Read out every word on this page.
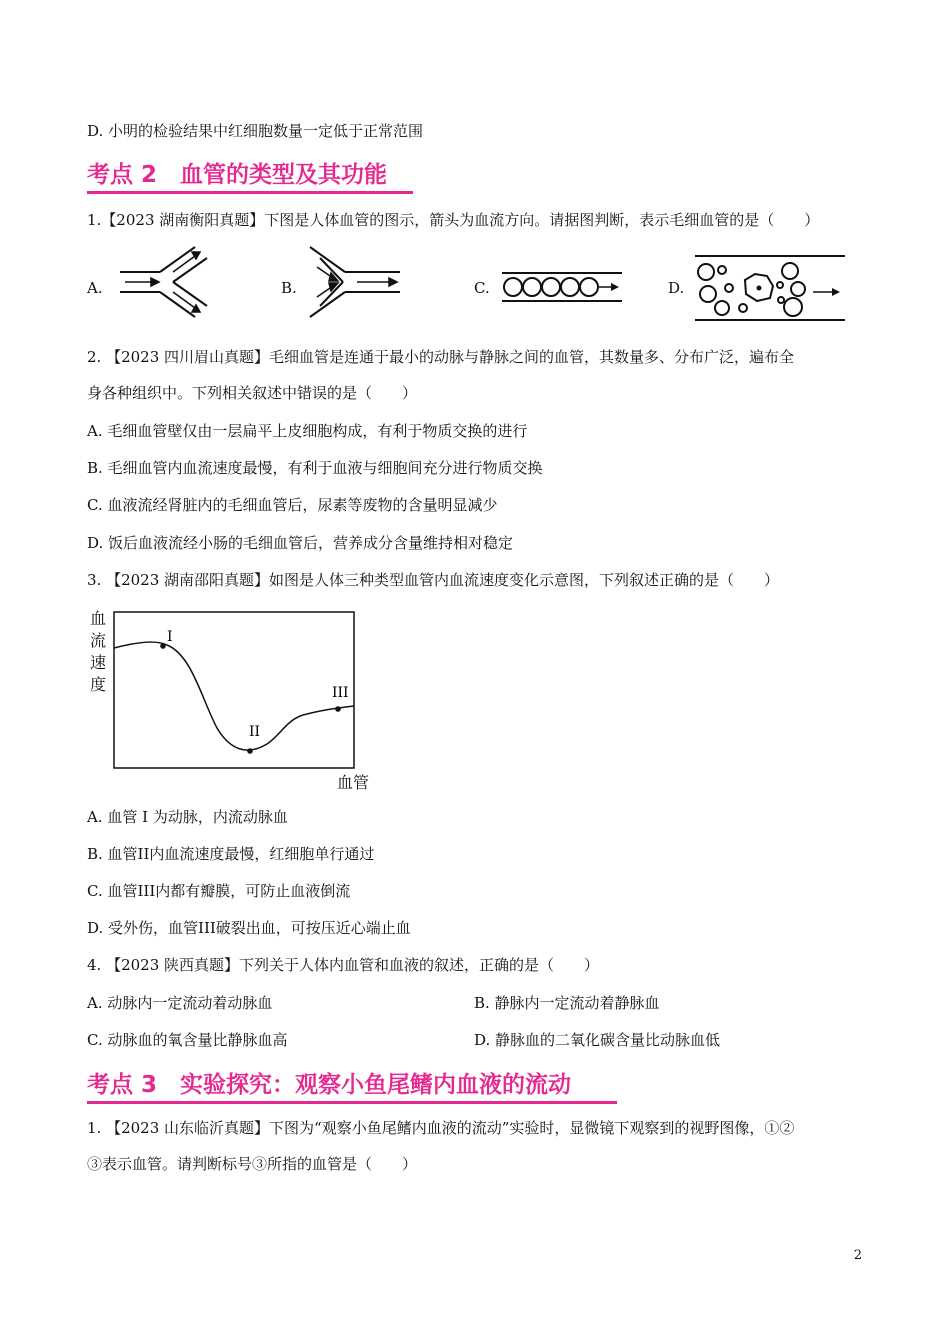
D. 小明的检验结果中红细胞数量一定低于正常范围
考点 2　血管的类型及其功能
1.【2023 湖南衡阳真题】下图是人体血管的图示，箭头为血流方向。请据图判断，表示毛细血管的是（　　）
A.	B.	C.	D.
2. 【2023 四川眉山真题】毛细血管是连通于最小的动脉与静脉之间的血管，其数量多、分布广泛，遍布全
身各种组织中。下列相关叙述中错误的是（　　）
A. 毛细血管壁仅由一层扁平上皮细胞构成，有利于物质交换的进行
B. 毛细血管内血流速度最慢，有利于血液与细胞间充分进行物质交换
C. 血液流经肾脏内的毛细血管后，尿素等废物的含量明显减少
D. 饭后血液流经小肠的毛细血管后，营养成分含量维持相对稳定
3. 【2023 湖南邵阳真题】如图是人体三种类型血管内血流速度变化示意图，下列叙述正确的是（　　）
血
流
速
度
I
II
III
血管
A. 血管 I 为动脉，内流动脉血
B. 血管II内血流速度最慢，红细胞单行通过
C. 血管III内都有瓣膜，可防止血液倒流
D. 受外伤，血管III破裂出血，可按压近心端止血
4. 【2023 陕西真题】下列关于人体内血管和血液的叙述，正确的是（　　）
A. 动脉内一定流动着动脉血	B. 静脉内一定流动着静脉血
C. 动脉血的氧含量比静脉血高	D. 静脉血的二氧化碳含量比动脉血低
考点 3　实验探究：观察小鱼尾鳍内血液的流动
1. 【2023 山东临沂真题】下图为“观察小鱼尾鳍内血液的流动”实验时，显微镜下观察到的视野图像，①②
③表示血管。请判断标号③所指的血管是（　　）
2
